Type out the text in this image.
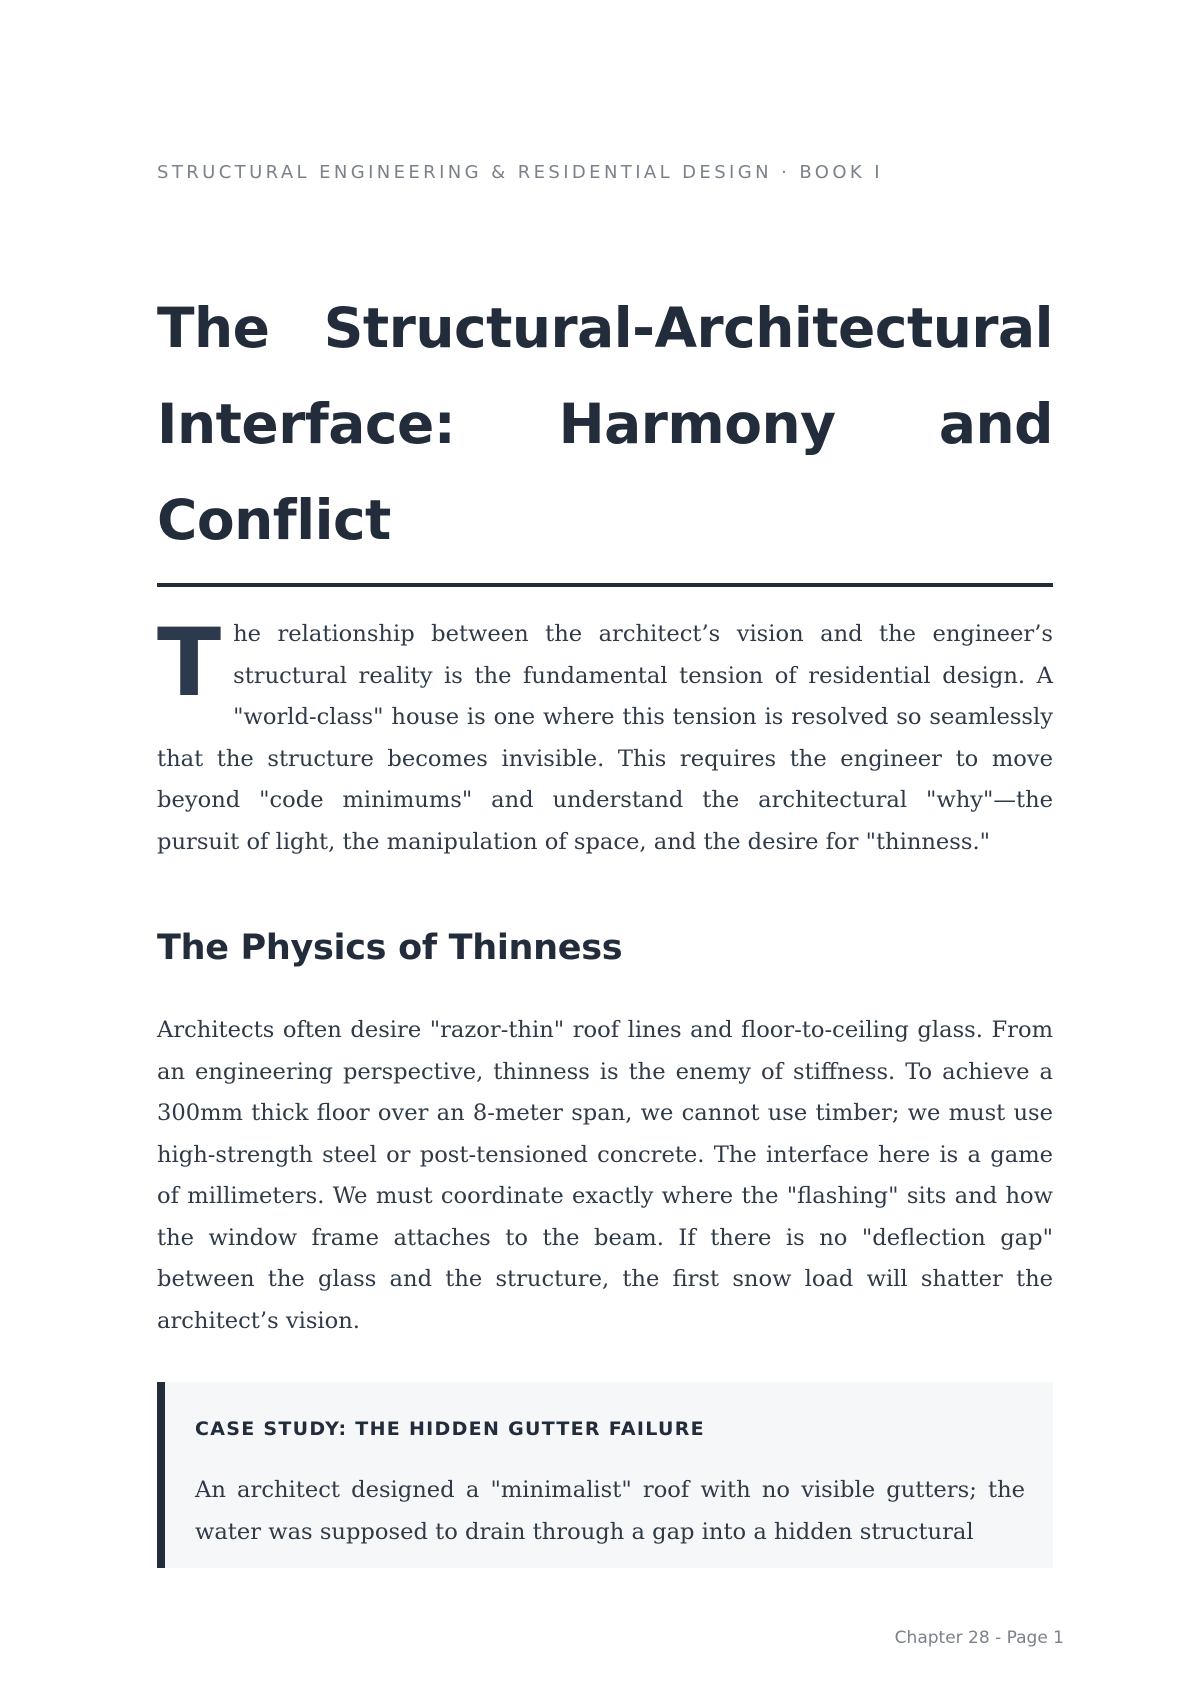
STRUCTURAL ENGINEERING & RESIDENTIAL DESIGN · BOOK I
The Structural-Architectural Interface: Harmony and Conflict
T he relationship between the architect’s vision and the engineer’s structural reality is the fundamental tension of residential design. A "world-class" house is one where this tension is resolved so seamlessly that the structure becomes invisible. This requires the engineer to move beyond "code minimums" and understand the architectural "why"—the pursuit of light, the manipulation of space, and the desire for "thinness."

The Physics of Thinness

Architects often desire "razor-thin" roof lines and floor-to-ceiling glass. From an engineering perspective, thinness is the enemy of stiffness. To achieve a 300mm thick floor over an 8-meter span, we cannot use timber; we must use high-strength steel or post-tensioned concrete. The interface here is a game of millimeters. We must coordinate exactly where the "flashing" sits and how the window frame attaches to the beam. If there is no "deflection gap" between the glass and the structure, the first snow load will shatter the architect’s vision.

CASE STUDY: THE HIDDEN GUTTER FAILURE

An architect designed a "minimalist" roof with no visible gutters; the water was supposed to drain through a gap into a hidden structural

Chapter 28 - Page 1
